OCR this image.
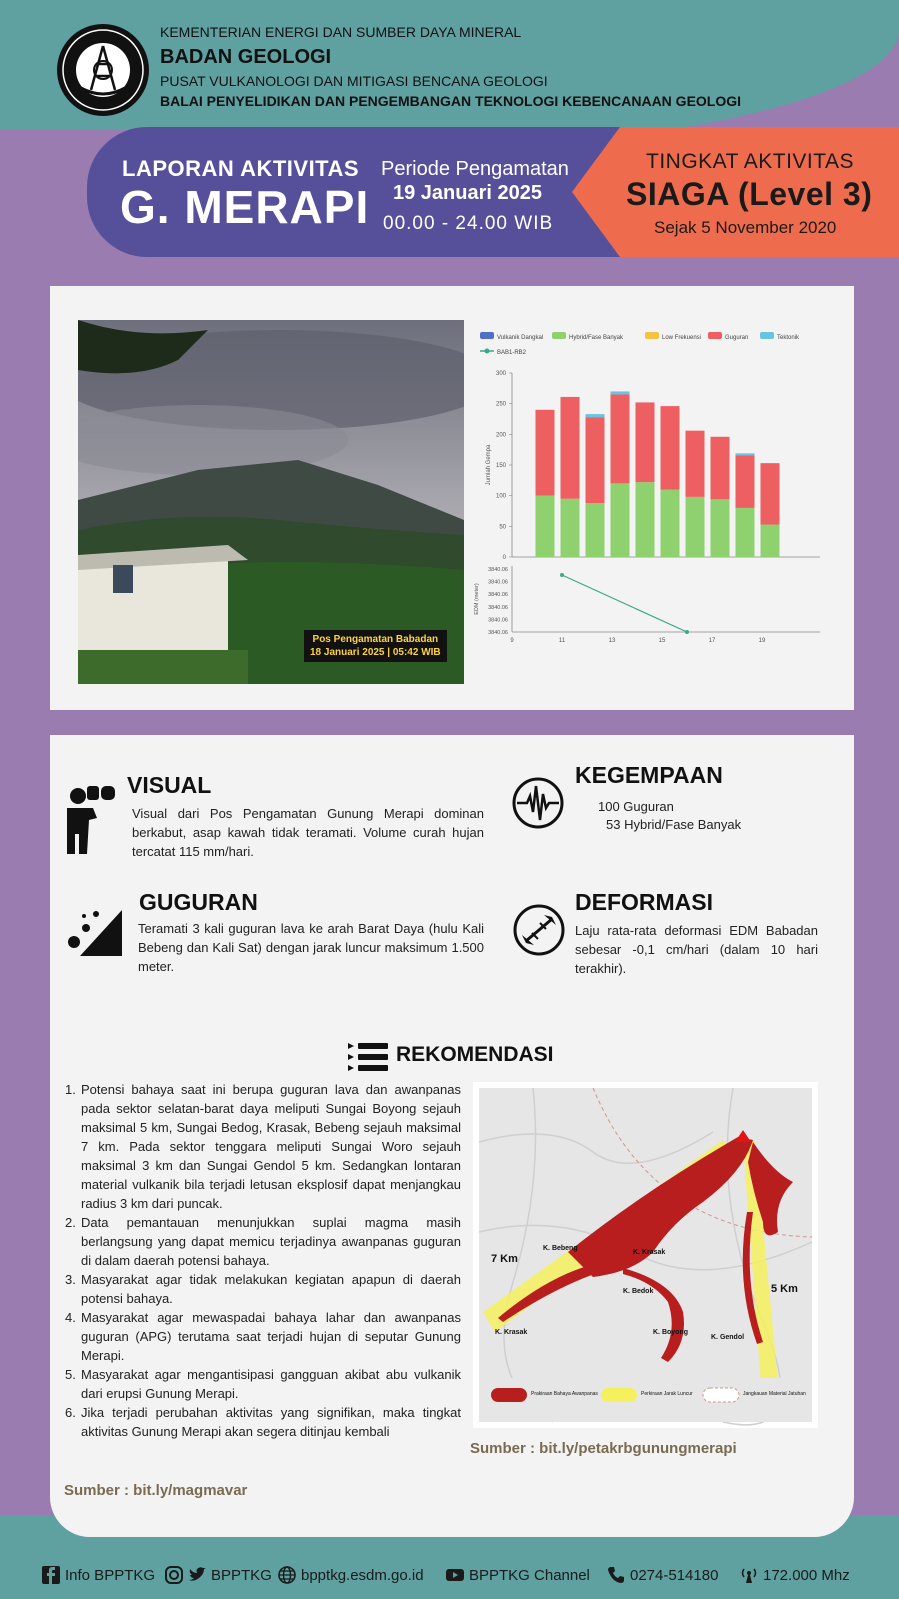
KEMENTERIAN ENERGI DAN SUMBER DAYA MINERAL
BADAN GEOLOGI
PUSAT VULKANOLOGI DAN MITIGASI BENCANA GEOLOGI
BALAI PENYELIDIKAN DAN PENGEMBANGAN TEKNOLOGI KEBENCANAAN GEOLOGI
LAPORAN AKTIVITAS
G. MERAPI
Periode Pengamatan
19 Januari 2025
00.00 - 24.00 WIB
TINGKAT AKTIVITAS
SIAGA (Level 3)
Sejak 5 November 2020
Pos Pengamatan Babadan
18 Januari 2025 | 05:42 WIB
Vulkanik Dangkal	Hybrid/Fase Banyak	Low Frekuensi	Guguran	Tektonik
BAB1-RB2
0
50
100
150
200
250
300
Jumlah Gempa
3840.06
3840.06
3840.06
3840.06
3840.06
3840.06
9	11	13	15	17	19
EDM (meter)
VISUAL
Visual dari Pos Pengamatan Gunung Merapi dominan berkabut, asap kawah tidak teramati. Volume curah hujan tercatat 115 mm/hari.
KEGEMPAAN
100 Guguran
53 Hybrid/Fase Banyak
GUGURAN
Teramati 3 kali guguran lava ke arah Barat Daya (hulu Kali Bebeng dan Kali Sat) dengan jarak luncur maksimum 1.500 meter.
DEFORMASI
Laju rata-rata deformasi EDM Babadan sebesar -0,1 cm/hari (dalam 10 hari terakhir).
REKOMENDASI
1. Potensi bahaya saat ini berupa guguran lava dan awanpanas pada sektor selatan-barat daya meliputi Sungai Boyong sejauh maksimal 5 km, Sungai Bedog, Krasak, Bebeng sejauh maksimal 7 km. Pada sektor tenggara meliputi Sungai Woro sejauh maksimal 3 km dan Sungai Gendol 5 km. Sedangkan lontaran material vulkanik bila terjadi letusan eksplosif dapat menjangkau radius 3 km dari puncak.
2. Data pemantauan menunjukkan suplai magma masih berlangsung yang dapat memicu terjadinya awanpanas guguran di dalam daerah potensi bahaya.
3. Masyarakat agar tidak melakukan kegiatan apapun di daerah potensi bahaya.
4. Masyarakat agar mewaspadai bahaya lahar dan awanpanas guguran (APG) terutama saat terjadi hujan di seputar Gunung Merapi.
5. Masyarakat agar mengantisipasi gangguan akibat abu vulkanik dari erupsi Gunung Merapi.
6. Jika terjadi perubahan aktivitas yang signifikan, maka tingkat aktivitas Gunung Merapi akan segera ditinjau kembali
7 Km
5 Km
K. Bebeng
K. Krasak
K. Krasak
K. Bedok
K. Boyong
K. Gendol
Prakiraan Bahaya Awanpanas	Perkiraan Jarak Luncur	Jangkauan Material Jatuhan
Sumber : bit.ly/petakrbgunungmerapi
Sumber : bit.ly/magmavar
Info BPPTKG	BPPTKG bpptkg.esdm.go.id	BPPTKG Channel	0274-514180	172.000 Mhz
